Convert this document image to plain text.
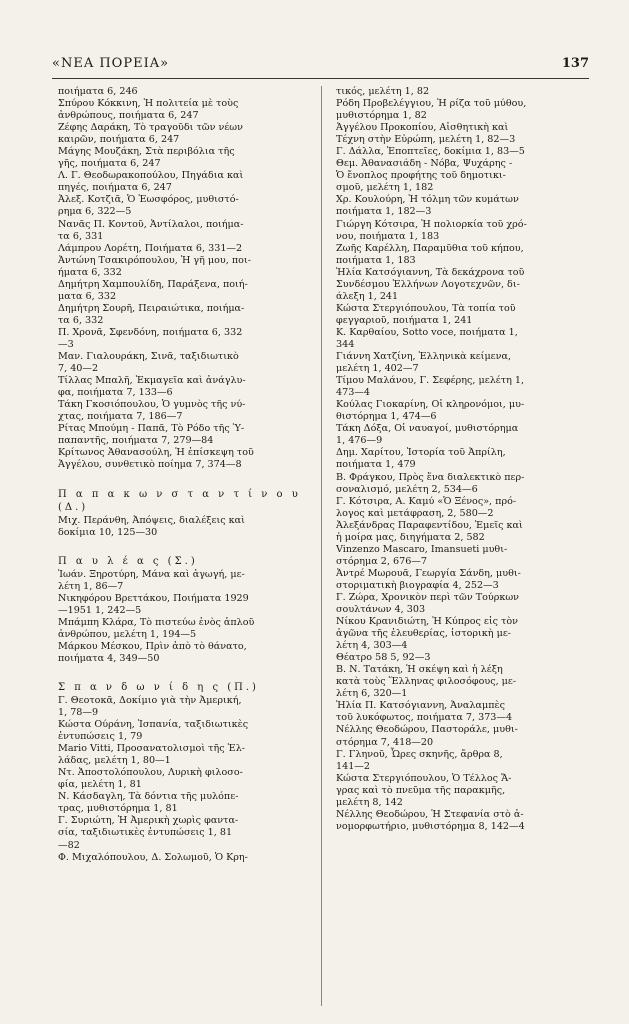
«ΝΕΑ ΠΟΡΕΙΑ»	137

ποιήματα 6, 246

Σπύρου Κόκκινη, Ἡ πολιτεία μὲ τοὺς
ἀνθρώπους, ποιήματα 6, 247

Ζέφης Δαράκη, Τὸ τραγοῦδι τῶν νέων
καιρῶν, ποιήματα 6, 247

Μάγης Μουζάκη, Στὰ περιβόλια τῆς
γῆς, ποιήματα 6, 247

Λ. Γ. Θεοδωρακοπούλου, Πηγάδια καὶ
πηγές, ποιήματα 6, 247

Ἀλεξ. Κοτζιᾶ, Ὁ Ἑωσφόρος, μυθιστό-
ρημα 6, 322—5

Νανᾶς Π. Κοντοῦ, Ἀντίλαλοι, ποιήμα-
τα 6, 331

Λάμπρου Λορέτη, Ποιήματα 6, 331—2

Ἀντώνη Τσακιρόπουλου, Ἡ γῆ μου, ποι-
ήματα 6, 332

Δημήτρη Χαμπουλίδη, Παράξενα, ποιή-
ματα 6, 332

Δημήτρη Σουρῆ, Πειραιώτικα, ποιήμα-
τα 6, 332

Π. Χρονᾶ, Σφενδόνη, ποιήματα 6, 332
—3

Μαν. Γιαλουράκη, Σινᾶ, ταξιδιωτικὸ
7, 40—2

Τίλλας Μπαλῆ, Ἐκμαγεῖα καὶ ἀνάγλυ-
φα, ποιήματα 7, 133—6

Τάκη Γκοσιόπουλου, Ὁ γυμνὸς τῆς νύ-
χτας, ποιήματα 7, 186—7

Ρίτας Μπούμη - Παπᾶ, Τὸ Ρόδο τῆς Ὑ-
παπαντῆς, ποιήματα 7, 279—84

Κρίτωνος Ἀθανασούλη, Ἡ ἐπίσκεψη τοῦ
Ἀγγέλου, συνθετικὸ ποίημα 7, 374—8

Π α π α κ ω ν σ τ α ν τ ί ν ο υ (Δ.)

Μιχ. Περάνθη, Ἀπόψεις, διαλέξεις καὶ
δοκίμια 10, 125—30

Π α υ λ έ α ς (Σ.)

Ἰωάν. Ξηροτύρη, Μάνα καὶ ἀγωγή, με-
λέτη 1, 86—7

Νικηφόρου Βρεττάκου, Ποιήματα 1929
—1951 1, 242—5

Μπάμπη Κλάρα, Τὸ πιστεύω ἑνὸς ἁπλοῦ
ἀνθρώπου, μελέτη 1, 194—5

Μάρκου Μέσκου, Πρὶν ἀπὸ τὸ θάνατο,
ποιήματα 4, 349—50

Σ π α ν δ ω ν ί δ η ς (Π.)

Γ. Θεοτοκᾶ, Δοκίμιο γιὰ τὴν Ἀμερική,
1, 78—9

Κώστα Ούράνη, Ἰσπανία, ταξιδιωτικὲς
ἐντυπώσεις 1, 79

Mario Vitti, Προσανατολισμοὶ τῆς Ἑλ-
λάδας, μελέτη 1, 80—1

Ντ. Ἀποστολόπουλου, Λυρικὴ φιλοσο-
φία, μελέτη 1, 81

Ν. Κάσδαγλη, Τὰ δόντια τῆς μυλόπε-
τρας, μυθιστόρημα 1, 81

Γ. Συριώτη, Ἡ Ἀμερικὴ χωρὶς φαντα-
σία, ταξιδιωτικὲς ἐντυπώσεις 1, 81
—82

Φ. Μιχαλόπουλου, Δ. Σολωμοῦ, Ὁ Κρη-

τικός, μελέτη 1, 82

Ρόδη Προβελέγγιου, Ἡ ρίζα τοῦ μύθου,
μυθιστόρημα 1, 82

Ἀγγέλου Προκοπίου, Αἰσθητικὴ καὶ
Τέχνη στὴν Εὐρώπη, μελέτη 1, 82—3

Γ. Δάλλα, Ἐποπτεῖες, δοκίμια 1, 83—5

Θεμ. Ἀθανασιάδη - Νόβα, Ψυχάρης -
Ὁ ἔνοπλος προφήτης τοῦ δημοτικι-
σμοῦ, μελέτη 1, 182

Χρ. Κουλούρη, Ἡ τόλμη τῶν κυμάτων
ποιήματα 1, 182—3

Γιώργη Κότσιρα, Ἡ πολιορκία τοῦ χρό-
νου, ποιήματα 1, 183

Ζωῆς Καρέλλη, Παραμῦθια τοῦ κήπου,
ποιήματα 1, 183

Ἠλία Κατσόγιαννη, Τὰ δεκάχρονα τοῦ
Συνδέσμου Ἑλλήνων Λογοτεχνῶν, δι-
άλεξη 1, 241

Κώστα Στεργιόπουλου, Τὰ τοπία τοῦ
φεγγαριοῦ, ποιήματα 1, 241

Κ. Καρθαίου, Sotto voce, ποιήματα 1,
344

Γιάννη Χατζίνη, Ἑλληνικὰ κείμενα,
μελέτη 1, 402—7

Τίμου Μαλάνου, Γ. Σεφέρης, μελέτη 1,
473—4

Κούλας Γιοκαρίνη, Οἱ κληρονόμοι, μυ-
θιστόρημα 1, 474—6

Τάκη Δόξα, Οἱ ναυαγοί, μυθιστόρημα
1, 476—9

Δημ. Χαρίτου, Ἱστορία τοῦ Ἀπρίλη,
ποιήματα 1, 479

Β. Φράγκου, Πρὸς ἕνα διαλεκτικὸ περ-
σοναλισμό, μελέτη 2, 534—6

Γ. Κότσιρα, Α. Καμύ «Ὁ Ξένος», πρό-
λογος καὶ μετάφραση, 2, 580—2

Ἀλεξάνδρας Παραφεντίδου, Ἐμεῖς καὶ
ἡ μοίρα μας, διηγήματα 2, 582

Vinzenzo Mascaro, Imansueti μυθι-
στόρημα 2, 676—7

Ἀντρέ Μωρουᾶ, Γεωργία Σάνδη, μυθι-
στοριματικὴ βιογραφία 4, 252—3

Γ. Ζώρα, Χρονικὸν περὶ τῶν Τούρκων
σουλτάνων 4, 303

Νίκου Κρανιδιώτη, Ἡ Κύπρος εἰς τὸν
ἀγῶνα τῆς ἐλευθερίας, ἱστορικὴ με-
λέτη 4, 303—4

Θέατρο 58 5, 92—3

Β. Ν. Τατάκη, Ἡ σκέψη καὶ ἡ λέξη
κατὰ τοὺς Ἕλληνας φιλοσόφους, με-
λέτη 6, 320—1

Ἠλία Π. Κατσόγιαννη, Ἀναλαμπὲς
τοῦ λυκόφωτος, ποιήματα 7, 373—4

Νέλλης Θεοδώρου, Παστοράλε, μυθι-
στόρημα 7, 418—20

Γ. Γληνοῦ, Ὧρες σκηνῆς, ἄρθρα 8,
141—2

Κώστα Στεργιόπουλου, Ὁ Τέλλος Ἄ-
γρας καὶ τὸ πνεῦμα τῆς παρακμῆς,
μελέτη 8, 142

Νέλλης Θεοδώρου, Ἡ Στεφανία στὸ ἀ-
νομορφωτήριο, μυθιστόρημα 8, 142—4
